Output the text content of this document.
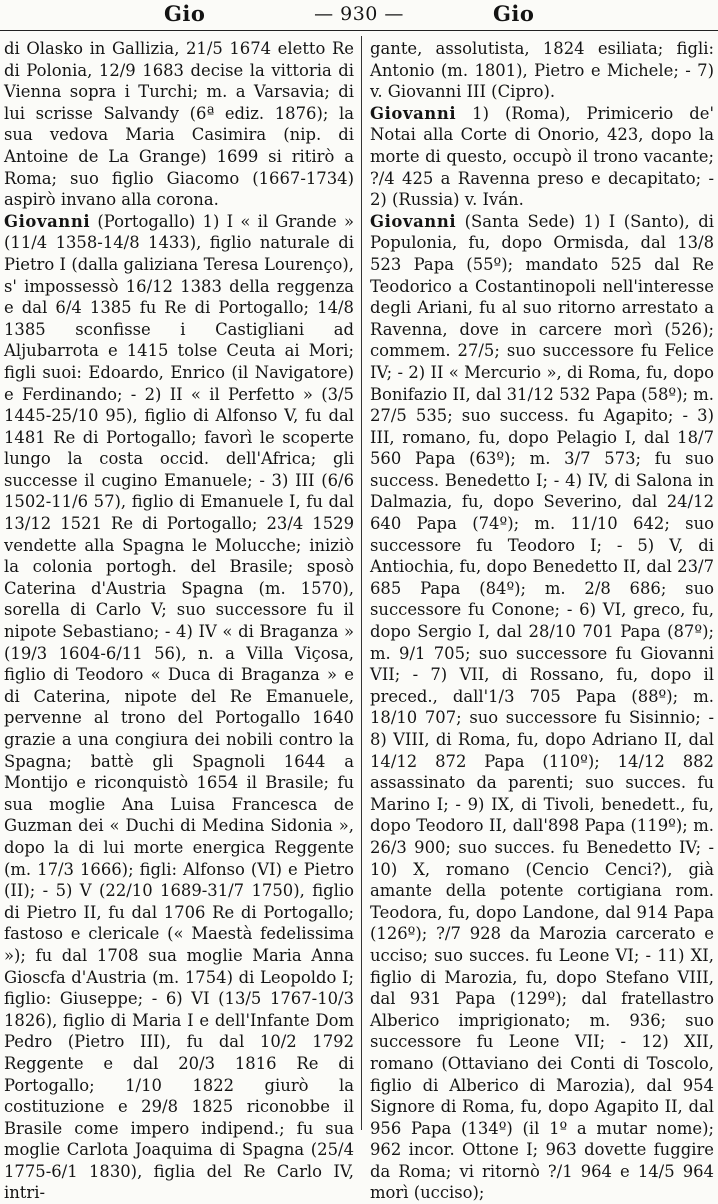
Gio	— 930 —	Gio

di Olasko in Gallizia, 21/5 1674 eletto Re di Polonia, 12/9 1683 decise la vittoria di Vienna sopra i Turchi; m. a Varsavia; di lui scrisse Salvandy (6ª ediz. 1876); la sua vedova Maria Casimira (nip. di Antoine de La Grange) 1699 si ritirò a Roma; suo figlio Giacomo (1667-1734) aspirò invano alla corona.

Giovanni (Portogallo) 1) I « il Grande » (11/4 1358-14/8 1433), figlio naturale di Pietro I (dalla galiziana Teresa Lourenço), s' impossessò 16/12 1383 della reggenza e dal 6/4 1385 fu Re di Portogallo; 14/8 1385 sconfisse i Castigliani ad Aljubarrota e 1415 tolse Ceuta ai Mori; figli suoi: Edoardo, Enrico (il Navigatore) e Ferdinando; - 2) II « il Perfetto » (3/5 1445-25/10 95), figlio di Alfonso V, fu dal 1481 Re di Portogallo; favorì le scoperte lungo la costa occid. dell'Africa; gli successe il cugino Emanuele; - 3) III (6/6 1502-11/6 57), figlio di Emanuele I, fu dal 13/12 1521 Re di Portogallo; 23/4 1529 vendette alla Spagna le Molucche; iniziò la colonia portogh. del Brasile; sposò Caterina d'Austria Spagna (m. 1570), sorella di Carlo V; suo successore fu il nipote Sebastiano; - 4) IV « di Braganza » (19/3 1604-6/11 56), n. a Villa Viçosa, figlio di Teodoro « Duca di Braganza » e di Caterina, nipote del Re Emanuele, pervenne al trono del Portogallo 1640 grazie a una congiura dei nobili contro la Spagna; battè gli Spagnoli 1644 a Montijo e riconquistò 1654 il Brasile; fu sua moglie Ana Luisa Francesca de Guzman dei « Duchi di Medina Sidonia », dopo la di lui morte energica Reggente (m. 17/3 1666); figli: Alfonso (VI) e Pietro (II); - 5) V (22/10 1689-31/7 1750), figlio di Pietro II, fu dal 1706 Re di Portogallo; fastoso e clericale (« Maestà fedelissima »); fu dal 1708 sua moglie Maria Anna Gioscfa d'Austria (m. 1754) di Leopoldo I; figlio: Giuseppe; - 6) VI (13/5 1767-10/3 1826), figlio di Maria I e dell'Infante Dom Pedro (Pietro III), fu dal 10/2 1792 Reggente e dal 20/3 1816 Re di Portogallo; 1/10 1822 giurò la costituzione e 29/8 1825 riconobbe il Brasile come impero indipend.; fu sua moglie Carlota Joaquima di Spagna (25/4 1775-6/1 1830), figlia del Re Carlo IV, intri-

gante, assolutista, 1824 esiliata; figli: Antonio (m. 1801), Pietro e Michele; - 7) v. Giovanni III (Cipro).

Giovanni 1) (Roma), Primicerio de' Notai alla Corte di Onorio, 423, dopo la morte di questo, occupò il trono vacante; ?/4 425 a Ravenna preso e decapitato; - 2) (Russia) v. Iván.

Giovanni (Santa Sede) 1) I (Santo), di Populonia, fu, dopo Ormisda, dal 13/8 523 Papa (55º); mandato 525 dal Re Teodorico a Costantinopoli nell'interesse degli Ariani, fu al suo ritorno arrestato a Ravenna, dove in carcere morì (526); commem. 27/5; suo successore fu Felice IV; - 2) II « Mercurio », di Roma, fu, dopo Bonifazio II, dal 31/12 532 Papa (58º); m. 27/5 535; suo success. fu Agapito; - 3) III, romano, fu, dopo Pelagio I, dal 18/7 560 Papa (63º); m. 3/7 573; fu suo success. Benedetto I; - 4) IV, di Salona in Dalmazia, fu, dopo Severino, dal 24/12 640 Papa (74º); m. 11/10 642; suo successore fu Teodoro I; - 5) V, di Antiochia, fu, dopo Benedetto II, dal 23/7 685 Papa (84º); m. 2/8 686; suo successore fu Conone; - 6) VI, greco, fu, dopo Sergio I, dal 28/10 701 Papa (87º); m. 9/1 705; suo successore fu Giovanni VII; - 7) VII, di Rossano, fu, dopo il preced., dall'1/3 705 Papa (88º); m. 18/10 707; suo successore fu Sisinnio; - 8) VIII, di Roma, fu, dopo Adriano II, dal 14/12 872 Papa (110º); 14/12 882 assassinato da parenti; suo succes. fu Marino I; - 9) IX, di Tivoli, benedett., fu, dopo Teodoro II, dall'898 Papa (119º); m. 26/3 900; suo succes. fu Benedetto IV; - 10) X, romano (Cencio Cenci?), già amante della potente cortigiana rom. Teodora, fu, dopo Landone, dal 914 Papa (126º); ?/7 928 da Marozia carcerato e ucciso; suo succes. fu Leone VI; - 11) XI, figlio di Marozia, fu, dopo Stefano VIII, dal 931 Papa (129º); dal fratellastro Alberico imprigionato; m. 936; suo successore fu Leone VII; - 12) XII, romano (Ottaviano dei Conti di Toscolo, figlio di Alberico di Marozia), dal 954 Signore di Roma, fu, dopo Agapito II, dal 956 Papa (134º) (il 1º a mutar nome); 962 incor. Ottone I; 963 dovette fuggire da Roma; vi ritornò ?/1 964 e 14/5 964 morì (ucciso);
